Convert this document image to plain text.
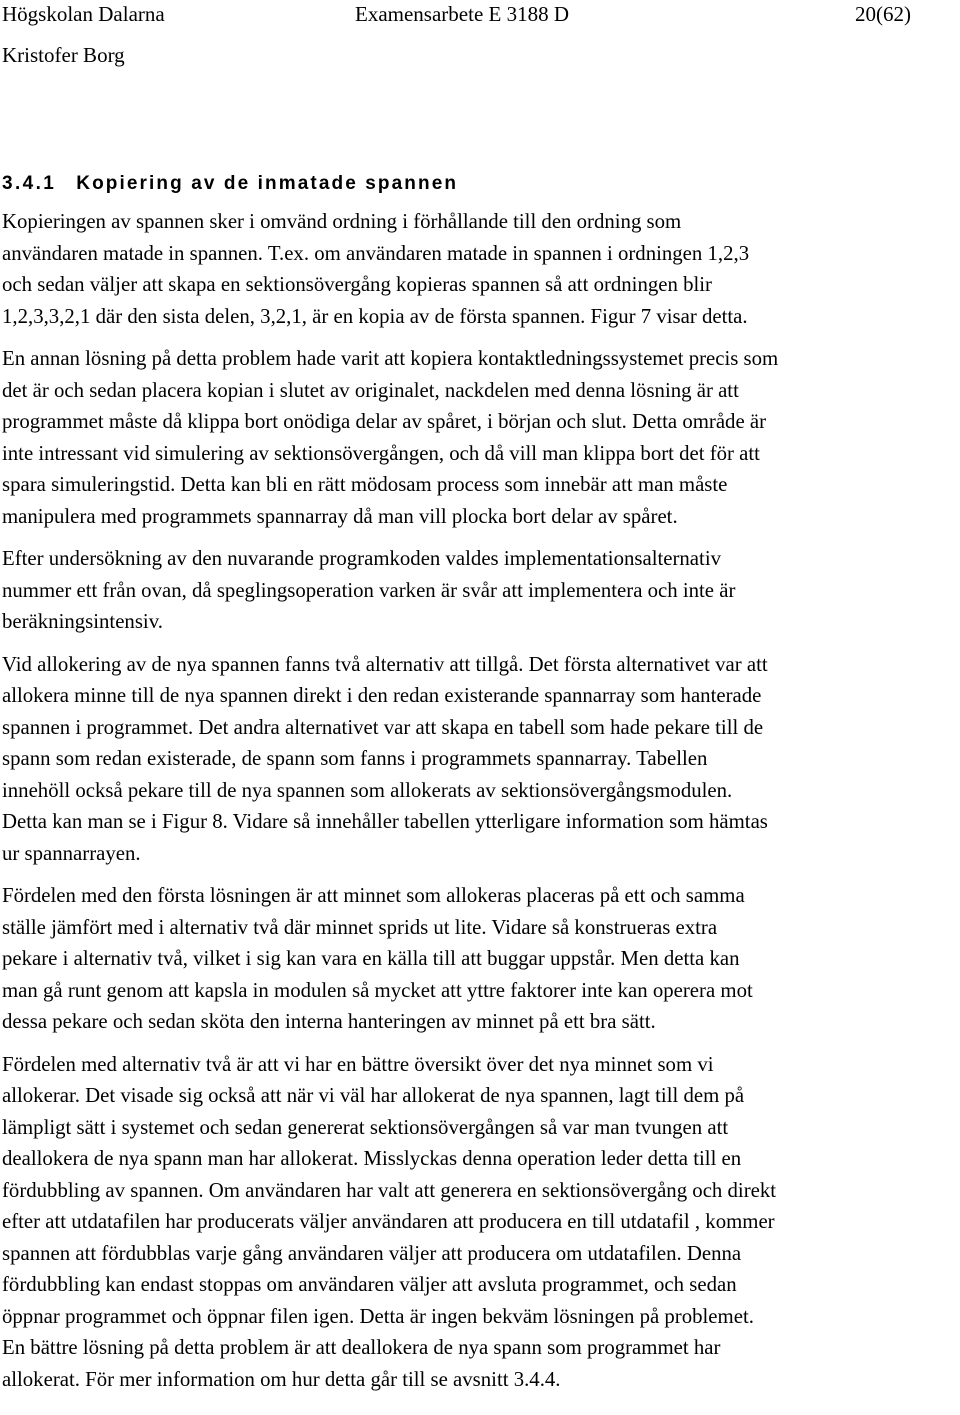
Högskolan Dalarna	Examensarbete E 3188 D	20(62)
Kristofer Borg
3.4.1 Kopiering av de inmatade spannen

Kopieringen av spannen sker i omvänd ordning i förhållande till den ordning som
användaren matade in spannen. T.ex. om användaren matade in spannen i ordningen 1,2,3
och sedan väljer att skapa en sektionsövergång kopieras spannen så att ordningen blir
1,2,3,3,2,1 där den sista delen, 3,2,1, är en kopia av de första spannen. Figur 7 visar detta.

En annan lösning på detta problem hade varit att kopiera kontaktledningssystemet precis som
det är och sedan placera kopian i slutet av originalet, nackdelen med denna lösning är att
programmet måste då klippa bort onödiga delar av spåret, i början och slut. Detta område är
inte intressant vid simulering av sektionsövergången, och då vill man klippa bort det för att
spara simuleringstid. Detta kan bli en rätt mödosam process som innebär att man måste
manipulera med programmets spannarray då man vill plocka bort delar av spåret.

Efter undersökning av den nuvarande programkoden valdes implementationsalternativ
nummer ett från ovan, då speglingsoperation varken är svår att implementera och inte är
beräkningsintensiv.

Vid allokering av de nya spannen fanns två alternativ att tillgå. Det första alternativet var att
allokera minne till de nya spannen direkt i den redan existerande spannarray som hanterade
spannen i programmet. Det andra alternativet var att skapa en tabell som hade pekare till de
spann som redan existerade, de spann som fanns i programmets spannarray. Tabellen
innehöll också pekare till de nya spannen som allokerats av sektionsövergångsmodulen.
Detta kan man se i Figur 8. Vidare så innehåller tabellen ytterligare information som hämtas
ur spannarrayen.

Fördelen med den första lösningen är att minnet som allokeras placeras på ett och samma
ställe jämfört med i alternativ två där minnet sprids ut lite. Vidare så konstrueras extra
pekare i alternativ två, vilket i sig kan vara en källa till att buggar uppstår. Men detta kan
man gå runt genom att kapsla in modulen så mycket att yttre faktorer inte kan operera mot
dessa pekare och sedan sköta den interna hanteringen av minnet på ett bra sätt.

Fördelen med alternativ två är att vi har en bättre översikt över det nya minnet som vi
allokerar. Det visade sig också att när vi väl har allokerat de nya spannen, lagt till dem på
lämpligt sätt i systemet och sedan genererat sektionsövergången så var man tvungen att
deallokera de nya spann man har allokerat. Misslyckas denna operation leder detta till en
fördubbling av spannen. Om användaren har valt att generera en sektionsövergång och direkt
efter att utdatafilen har producerats väljer användaren att producera en till utdatafil , kommer
spannen att fördubblas varje gång användaren väljer att producera om utdatafilen. Denna
fördubbling kan endast stoppas om användaren väljer att avsluta programmet, och sedan
öppnar programmet och öppnar filen igen. Detta är ingen bekväm lösningen på problemet.
En bättre lösning på detta problem är att deallokera de nya spann som programmet har
allokerat. För mer information om hur detta går till se avsnitt 3.4.4.
